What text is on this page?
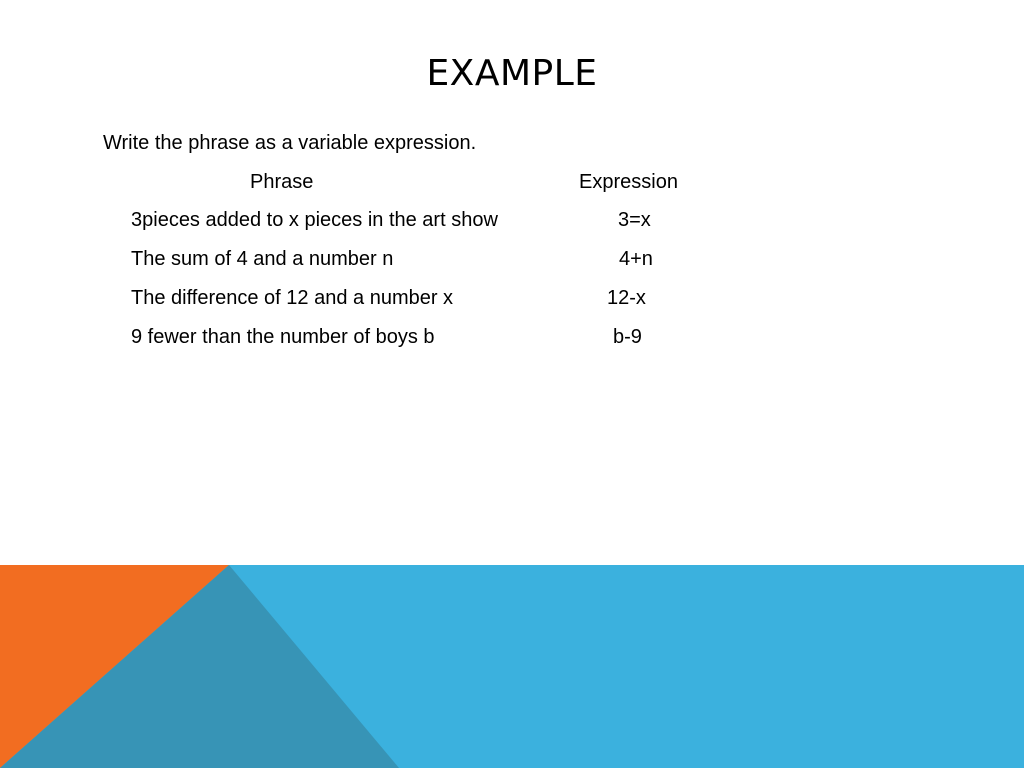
EXAMPLE
Write the phrase as a variable expression.
Phrase	Expression
3pieces added to x pieces in the art show	3=x
The sum of 4 and a number n	4+n
The difference of 12 and a number x	12-x
9 fewer than the number of boys b	b-9
